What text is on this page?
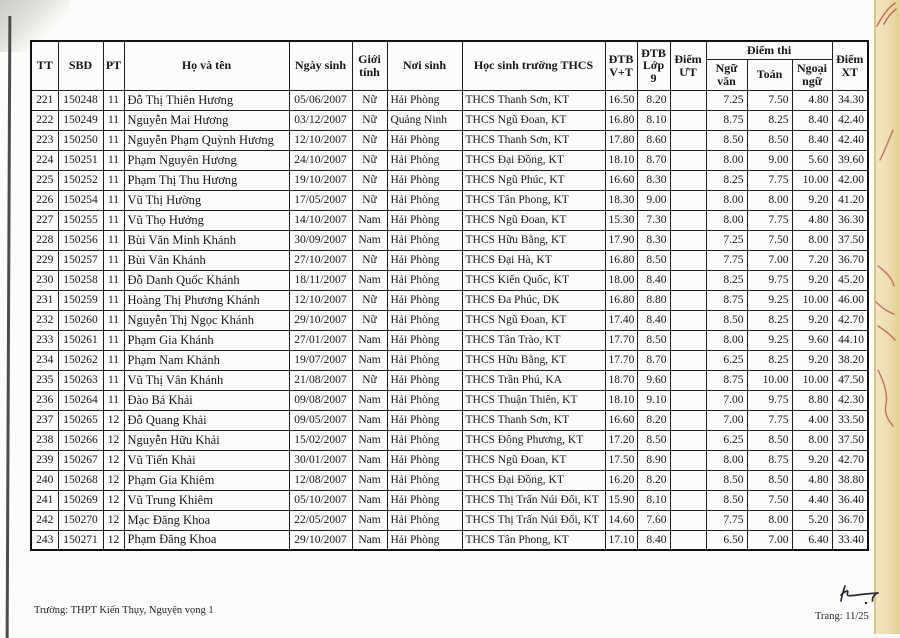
TT	SBD	PT	Họ và tên	Ngày sinh	Giới tính	Nơi sinh	Học sinh trường THCS	ĐTB V+T	ĐTB Lớp 9	Điểm ƯT	Điểm thi			Điểm XT
											Ngữ văn	Toán	Ngoại ngữ	
221	150248	11	Đỗ Thị Thiên Hương	05/06/2007	Nữ	Hải Phòng	THCS Thanh Sơn, KT	16.50	8.20		7.25	7.50	4.80	34.30
222	150249	11	Nguyễn Mai Hương	03/12/2007	Nữ	Quảng Ninh	THCS Ngũ Đoan, KT	16.80	8.10		8.75	8.25	8.40	42.40
223	150250	11	Nguyễn Phạm Quỳnh Hương	12/10/2007	Nữ	Hải Phòng	THCS Thanh Sơn, KT	17.80	8.60		8.50	8.50	8.40	42.40
224	150251	11	Phạm Nguyên Hương	24/10/2007	Nữ	Hải Phòng	THCS Đại Đồng, KT	18.10	8.70		8.00	9.00	5.60	39.60
225	150252	11	Phạm Thị Thu Hương	19/10/2007	Nữ	Hải Phòng	THCS Ngũ Phúc, KT	16.60	8.30		8.25	7.75	10.00	42.00
226	150254	11	Vũ Thị Hường	17/05/2007	Nữ	Hải Phòng	THCS Tân Phong, KT	18.30	9.00		8.00	8.00	9.20	41.20
227	150255	11	Vũ Thọ Hưởng	14/10/2007	Nam	Hải Phòng	THCS Ngũ Đoan, KT	15.30	7.30		8.00	7.75	4.80	36.30
228	150256	11	Bùi Văn Minh Khánh	30/09/2007	Nam	Hải Phòng	THCS Hữu Bằng, KT	17.90	8.30		7.25	7.50	8.00	37.50
229	150257	11	Bùi Vân Khánh	27/10/2007	Nữ	Hải Phòng	THCS Đại Hà, KT	16.80	8.50		7.75	7.00	7.20	36.70
230	150258	11	Đỗ Danh Quốc Khánh	18/11/2007	Nam	Hải Phòng	THCS Kiến Quốc, KT	18.00	8.40		8.25	9.75	9.20	45.20
231	150259	11	Hoàng Thị Phương Khánh	12/10/2007	Nữ	Hải Phòng	THCS Đa Phúc, DK	16.80	8.80		8.75	9.25	10.00	46.00
232	150260	11	Nguyễn Thị Ngọc Khánh	29/10/2007	Nữ	Hải Phòng	THCS Ngũ Đoan, KT	17.40	8.40		8.50	8.25	9.20	42.70
233	150261	11	Phạm Gia Khánh	27/01/2007	Nam	Hải Phòng	THCS Tân Trào, KT	17.70	8.50		8.00	9.25	9.60	44.10
234	150262	11	Phạm Nam Khánh	19/07/2007	Nam	Hải Phòng	THCS Hữu Bằng, KT	17.70	8.70		6.25	8.25	9.20	38.20
235	150263	11	Vũ Thị Vân Khánh	21/08/2007	Nữ	Hải Phòng	THCS Trần Phú, KA	18.70	9.60		8.75	10.00	10.00	47.50
236	150264	11	Đào Bá Khải	09/08/2007	Nam	Hải Phòng	THCS Thuận Thiên, KT	18.10	9.10		7.00	9.75	8.80	42.30
237	150265	12	Đỗ Quang Khải	09/05/2007	Nam	Hải Phòng	THCS Thanh Sơn, KT	16.60	8.20		7.00	7.75	4.00	33.50
238	150266	12	Nguyễn Hữu Khải	15/02/2007	Nam	Hải Phòng	THCS Đông Phương, KT	17.20	8.50		6.25	8.50	8.00	37.50
239	150267	12	Vũ Tiến Khải	30/01/2007	Nam	Hải Phòng	THCS Ngũ Đoan, KT	17.50	8.90		8.00	8.75	9.20	42.70
240	150268	12	Phạm Gia Khiêm	12/08/2007	Nam	Hải Phòng	THCS Đại Đồng, KT	16.20	8.20		8.50	8.50	4.80	38.80
241	150269	12	Vũ Trung Khiêm	05/10/2007	Nam	Hải Phòng	THCS Thị Trấn Núi Đối, KT	15.90	8.10		8.50	7.50	4.40	36.40
242	150270	12	Mạc Đăng Khoa	22/05/2007	Nam	Hải Phòng	THCS Thị Trấn Núi Đối, KT	14.60	7.60		7.75	8.00	5.20	36.70
243	150271	12	Phạm Đăng Khoa	29/10/2007	Nam	Hải Phòng	THCS Tân Phong, KT	17.10	8.40		6.50	7.00	6.40	33.40
Trường: THPT Kiến Thụy, Nguyện vọng 1
Trang: 11/25
